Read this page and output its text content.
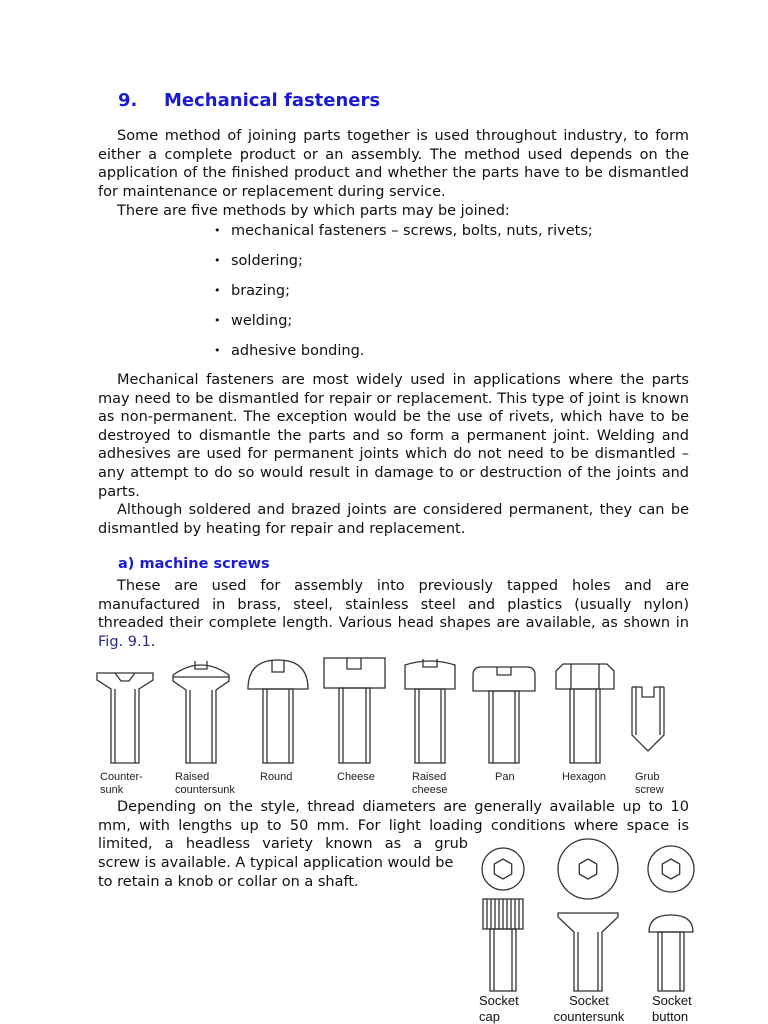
9. Mechanical fasteners

Some method of joining parts together is used throughout industry, to form either a complete product or an assembly. The method used depends on the application of the finished product and whether the parts have to be dismantled for maintenance or replacement during service.

There are five methods by which parts may be joined:

• mechanical fasteners – screws, bolts, nuts, rivets;
• soldering;
• brazing;
• welding;
• adhesive bonding.

Mechanical fasteners are most widely used in applications where the parts may need to be dismantled for repair or replacement. This type of joint is known as non-permanent. The exception would be the use of rivets, which have to be destroyed to dismantle the parts and so form a permanent joint. Welding and adhesives are used for permanent joints which do not need to be dismantled – any attempt to do so would result in damage to or destruction of the joints and parts.

Although soldered and brazed joints are considered permanent, they can be dismantled by heating for repair and replacement.

a) machine screws

These are used for assembly into previously tapped holes and are manufactured in brass, steel, stainless steel and plastics (usually nylon) threaded their complete length. Various head shapes are available, as shown in Fig. 9.1.

Depending on the style, thread diameters are generally available up to 10

mm, with lengths up to 50 mm. For light loading conditions where space is

limited, a headless variety known as a grub

screw is available. A typical application would be

to retain a knob or collar on a shaft.

Counter-
sunk
Raised
countersunk
Round	Cheese	Raised
cheese
Pan	Hexagon	Grub
screw
Socket
cap
Socket
countersunk
Socket
button
